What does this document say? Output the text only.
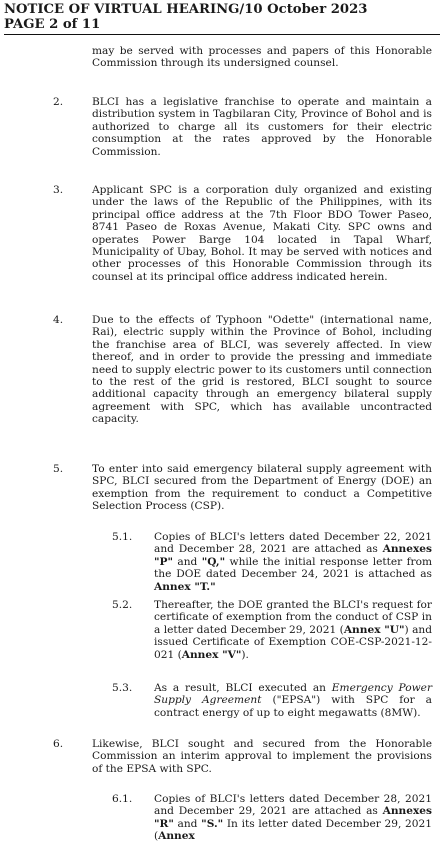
NOTICE OF VIRTUAL HEARING/10 October 2023
PAGE 2 of 11
may be served with processes and papers of this Honorable Commission through its undersigned counsel.
2.	BLCI has a legislative franchise to operate and maintain a distribution system in Tagbilaran City, Province of Bohol and is authorized to charge all its customers for their electric consumption at the rates approved by the Honorable Commission.
3.	Applicant SPC is a corporation duly organized and existing under the laws of the Republic of the Philippines, with its principal office address at the 7th Floor BDO Tower Paseo, 8741 Paseo de Roxas Avenue, Makati City. SPC owns and operates Power Barge 104 located in Tapal Wharf, Municipality of Ubay, Bohol. It may be served with notices and other processes of this Honorable Commission through its counsel at its principal office address indicated herein.
4.	Due to the effects of Typhoon "Odette" (international name, Rai), electric supply within the Province of Bohol, including the franchise area of BLCI, was severely affected. In view thereof, and in order to provide the pressing and immediate need to supply electric power to its customers until connection to the rest of the grid is restored, BLCI sought to source additional capacity through an emergency bilateral supply agreement with SPC, which has available uncontracted capacity.
5.	To enter into said emergency bilateral supply agreement with SPC, BLCI secured from the Department of Energy (DOE) an exemption from the requirement to conduct a Competitive Selection Process (CSP).
5.1. Copies of BLCI's letters dated December 22, 2021 and December 28, 2021 are attached as Annexes "P" and "Q," while the initial response letter from the DOE dated December 24, 2021 is attached as Annex "T."
5.2. Thereafter, the DOE granted the BLCI's request for certificate of exemption from the conduct of CSP in a letter dated December 29, 2021 (Annex "U") and issued Certificate of Exemption COE-CSP-2021-12-021 (Annex "V").
5.3. As a result, BLCI executed an Emergency Power Supply Agreement ("EPSA") with SPC for a contract energy of up to eight megawatts (8MW).
6.	Likewise, BLCI sought and secured from the Honorable Commission an interim approval to implement the provisions of the EPSA with SPC.
6.1. Copies of BLCI's letters dated December 28, 2021 and December 29, 2021 are attached as Annexes "R" and "S." In its letter dated December 29, 2021 (Annex
